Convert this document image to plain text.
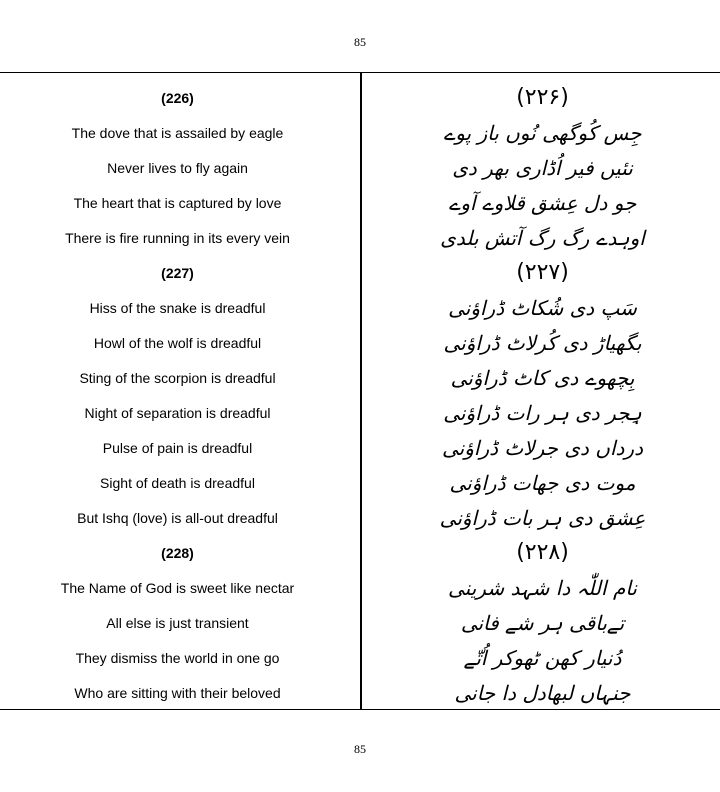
85
(226)
The dove that is assailed by eagle
Never lives to fly again
The heart that is captured by love
There is fire running in its every vein
(227)
Hiss of the snake is dreadful
Howl of the wolf is dreadful
Sting of the scorpion is dreadful
Night of separation is dreadful
Pulse of pain is dreadful
Sight of death is dreadful
But Ishq (love) is all-out dreadful
(228)
The Name of God is sweet like nectar
All else is just transient
They dismiss the world in one go
Who are sitting with their beloved
(۲۲۶)
جِس کُوگھی نُوں باز پوے
نئیں فیر اُڈاری بھر دی
جو دل عِشق قلاوے آوے
اوہدے رگ رگ آتش بلدی
(۲۲۷)
سَپ دی شُکاٹ ڈراؤنی
بگھیاڑ دی کُرلاٹ ڈراؤنی
بِچھوے دی کاٹ ڈراؤنی
ہِجر دی ہر رات ڈراؤنی
درداں دی جرلاٹ ڈراؤنی
موت دی جھات ڈراؤنی
عِشق دی ہر بات ڈراؤنی
(۲۲۸)
نام اللّٰہ دا شہد شرینی
تےباقی ہر شے فانی
دُنیار کھن ٹھوکر اُتّے
جنہاں لبھادل دا جانی
85
